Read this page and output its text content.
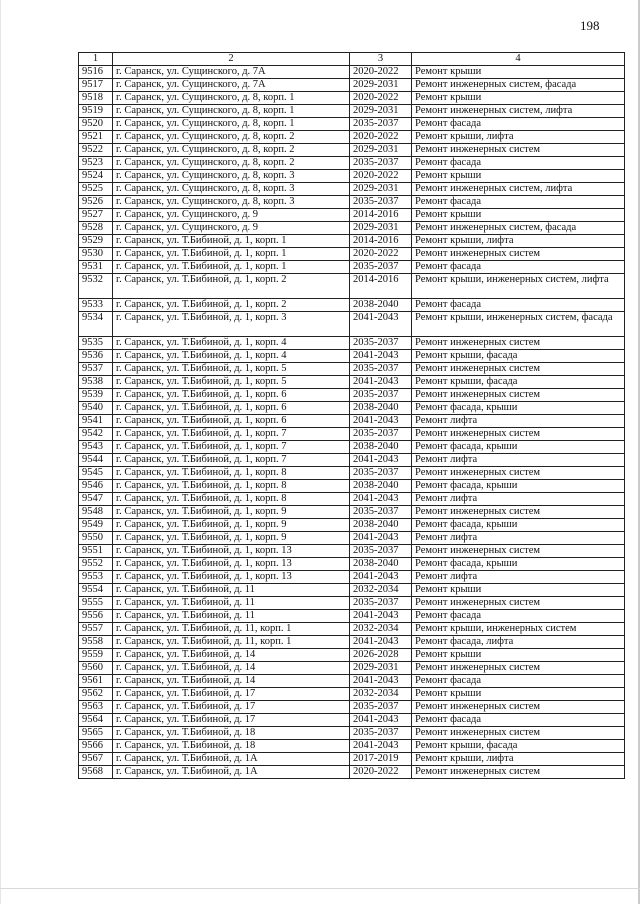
198
1	2	3	4
9516	г. Саранск, ул. Сущинского, д. 7А	2020-2022	Ремонт крыши
9517	г. Саранск, ул. Сущинского, д. 7А	2029-2031	Ремонт инженерных систем, фасада
9518	г. Саранск, ул. Сущинского, д. 8, корп. 1	2020-2022	Ремонт крыши
9519	г. Саранск, ул. Сущинского, д. 8, корп. 1	2029-2031	Ремонт инженерных систем, лифта
9520	г. Саранск, ул. Сущинского, д. 8, корп. 1	2035-2037	Ремонт фасада
9521	г. Саранск, ул. Сущинского, д. 8, корп. 2	2020-2022	Ремонт крыши, лифта
9522	г. Саранск, ул. Сущинского, д. 8, корп. 2	2029-2031	Ремонт инженерных систем
9523	г. Саранск, ул. Сущинского, д. 8, корп. 2	2035-2037	Ремонт фасада
9524	г. Саранск, ул. Сущинского, д. 8, корп. 3	2020-2022	Ремонт крыши
9525	г. Саранск, ул. Сущинского, д. 8, корп. 3	2029-2031	Ремонт инженерных систем, лифта
9526	г. Саранск, ул. Сущинского, д. 8, корп. 3	2035-2037	Ремонт фасада
9527	г. Саранск, ул. Сущинского, д. 9	2014-2016	Ремонт крыши
9528	г. Саранск, ул. Сущинского, д. 9	2029-2031	Ремонт инженерных систем, фасада
9529	г. Саранск, ул. Т.Бибиной, д. 1, корп. 1	2014-2016	Ремонт крыши, лифта
9530	г. Саранск, ул. Т.Бибиной, д. 1, корп. 1	2020-2022	Ремонт инженерных систем
9531	г. Саранск, ул. Т.Бибиной, д. 1, корп. 1	2035-2037	Ремонт фасада
9532	г. Саранск, ул. Т.Бибиной, д. 1, корп. 2	2014-2016	Ремонт крыши, инженерных систем, лифта
9533	г. Саранск, ул. Т.Бибиной, д. 1, корп. 2	2038-2040	Ремонт фасада
9534	г. Саранск, ул. Т.Бибиной, д. 1, корп. 3	2041-2043	Ремонт крыши, инженерных систем, фасада
9535	г. Саранск, ул. Т.Бибиной, д. 1, корп. 4	2035-2037	Ремонт инженерных систем
9536	г. Саранск, ул. Т.Бибиной, д. 1, корп. 4	2041-2043	Ремонт крыши, фасада
9537	г. Саранск, ул. Т.Бибиной, д. 1, корп. 5	2035-2037	Ремонт инженерных систем
9538	г. Саранск, ул. Т.Бибиной, д. 1, корп. 5	2041-2043	Ремонт крыши, фасада
9539	г. Саранск, ул. Т.Бибиной, д. 1, корп. 6	2035-2037	Ремонт инженерных систем
9540	г. Саранск, ул. Т.Бибиной, д. 1, корп. 6	2038-2040	Ремонт фасада, крыши
9541	г. Саранск, ул. Т.Бибиной, д. 1, корп. 6	2041-2043	Ремонт лифта
9542	г. Саранск, ул. Т.Бибиной, д. 1, корп. 7	2035-2037	Ремонт инженерных систем
9543	г. Саранск, ул. Т.Бибиной, д. 1, корп. 7	2038-2040	Ремонт фасада, крыши
9544	г. Саранск, ул. Т.Бибиной, д. 1, корп. 7	2041-2043	Ремонт лифта
9545	г. Саранск, ул. Т.Бибиной, д. 1, корп. 8	2035-2037	Ремонт инженерных систем
9546	г. Саранск, ул. Т.Бибиной, д. 1, корп. 8	2038-2040	Ремонт фасада, крыши
9547	г. Саранск, ул. Т.Бибиной, д. 1, корп. 8	2041-2043	Ремонт лифта
9548	г. Саранск, ул. Т.Бибиной, д. 1, корп. 9	2035-2037	Ремонт инженерных систем
9549	г. Саранск, ул. Т.Бибиной, д. 1, корп. 9	2038-2040	Ремонт фасада, крыши
9550	г. Саранск, ул. Т.Бибиной, д. 1, корп. 9	2041-2043	Ремонт лифта
9551	г. Саранск, ул. Т.Бибиной, д. 1, корп. 13	2035-2037	Ремонт инженерных систем
9552	г. Саранск, ул. Т.Бибиной, д. 1, корп. 13	2038-2040	Ремонт фасада, крыши
9553	г. Саранск, ул. Т.Бибиной, д. 1, корп. 13	2041-2043	Ремонт лифта
9554	г. Саранск, ул. Т.Бибиной, д. 11	2032-2034	Ремонт крыши
9555	г. Саранск, ул. Т.Бибиной, д. 11	2035-2037	Ремонт инженерных систем
9556	г. Саранск, ул. Т.Бибиной, д. 11	2041-2043	Ремонт фасада
9557	г. Саранск, ул. Т.Бибиной, д. 11, корп. 1	2032-2034	Ремонт крыши, инженерных систем
9558	г. Саранск, ул. Т.Бибиной, д. 11, корп. 1	2041-2043	Ремонт фасада, лифта
9559	г. Саранск, ул. Т.Бибиной, д. 14	2026-2028	Ремонт крыши
9560	г. Саранск, ул. Т.Бибиной, д. 14	2029-2031	Ремонт инженерных систем
9561	г. Саранск, ул. Т.Бибиной, д. 14	2041-2043	Ремонт фасада
9562	г. Саранск, ул. Т.Бибиной, д. 17	2032-2034	Ремонт крыши
9563	г. Саранск, ул. Т.Бибиной, д. 17	2035-2037	Ремонт инженерных систем
9564	г. Саранск, ул. Т.Бибиной, д. 17	2041-2043	Ремонт фасада
9565	г. Саранск, ул. Т.Бибиной, д. 18	2035-2037	Ремонт инженерных систем
9566	г. Саранск, ул. Т.Бибиной, д. 18	2041-2043	Ремонт крыши, фасада
9567	г. Саранск, ул. Т.Бибиной, д. 1А	2017-2019	Ремонт крыши, лифта
9568	г. Саранск, ул. Т.Бибиной, д. 1А	2020-2022	Ремонт инженерных систем
